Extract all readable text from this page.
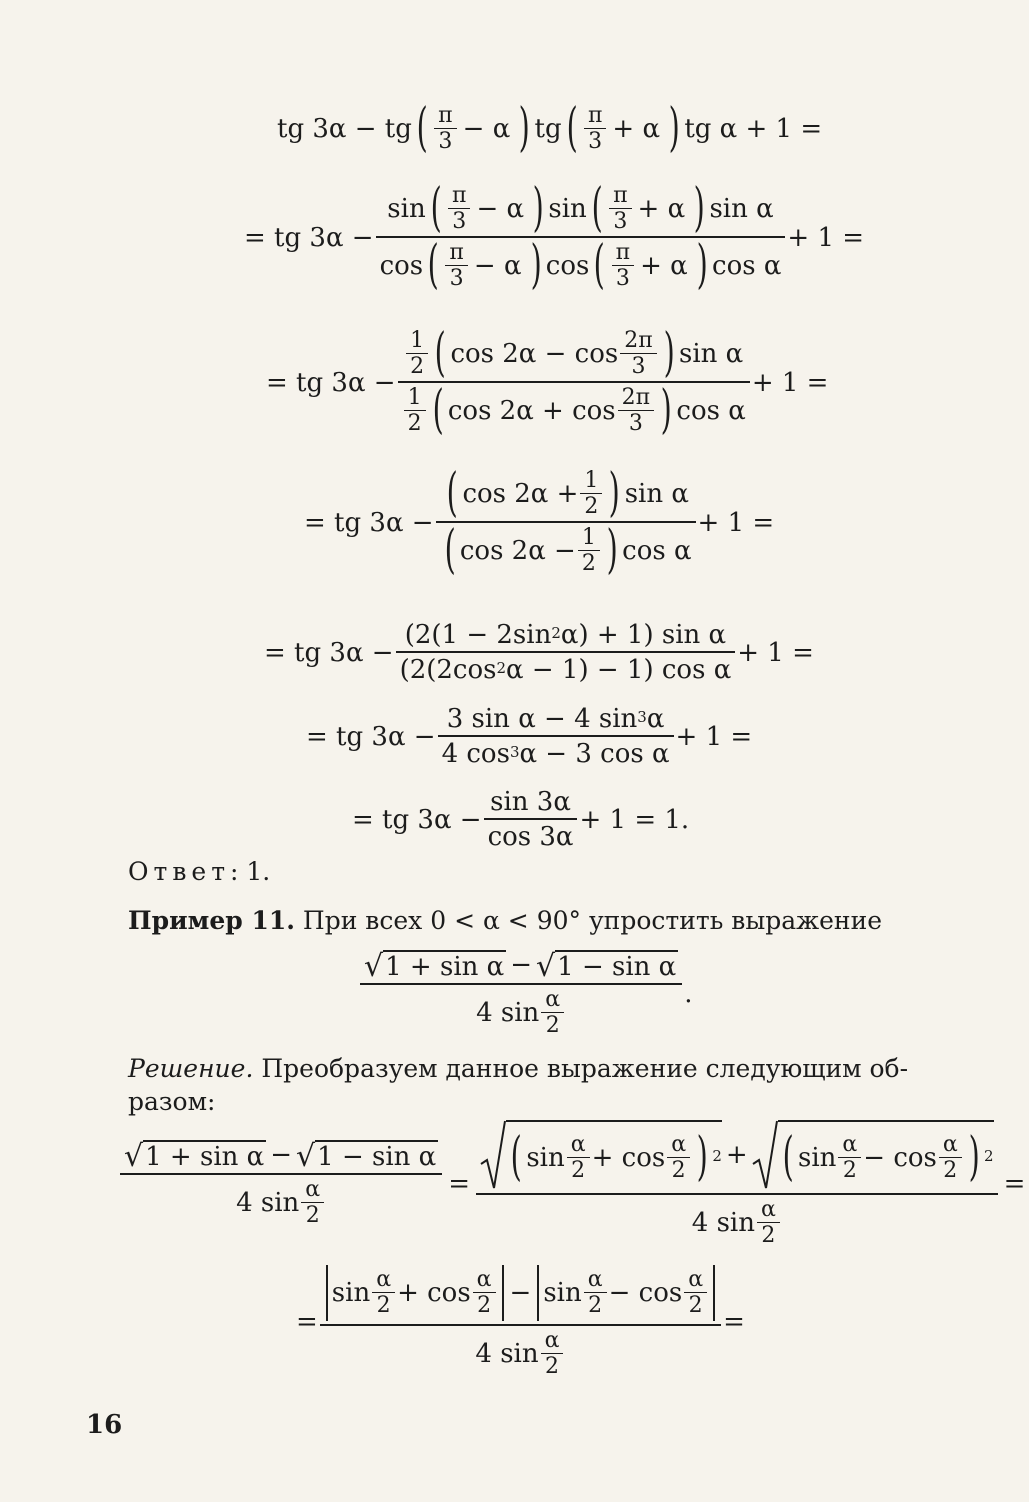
tg 3α − tg ( $\frac{\pi}{3} - \alpha$ ) tg ( $\frac{\pi}{3} + \alpha$ ) tg α + 1 =
= tg $3\alpha - \frac{\sin ( \frac{\pi}{3} - \alpha ) \sin ( \frac{\pi}{3} + \alpha ) \sin \alpha}{\cos ( \frac{\pi}{3} - \alpha ) \cos ( \frac{\pi}{3} + \alpha ) \cos \alpha} + 1$ =
= tg $3\alpha - \frac{\frac{1}{2} ( \cos 2\alpha - \cos \frac{2\pi}{3} ) \sin \alpha}{\frac{1}{2} ( \cos 2\alpha + \cos \frac{2\pi}{3} ) \cos \alpha} + 1$ =
= tg $3\alpha - \frac{( \cos 2\alpha + \frac{1}{2} ) \sin \alpha}{( \cos 2\alpha - \frac{1}{2} ) \cos \alpha} + 1$ =
= tg $3\alpha - \frac{(2(1 - 2\sin^2 \alpha) + 1) \sin \alpha}{(2(2\cos^2 \alpha - 1) - 1) \cos \alpha} + 1$ =
= tg $3\alpha - \frac{3 \sin \alpha - 4 \sin^3 \alpha}{4 \cos^3 \alpha - 3 \cos \alpha} + 1$ =
= tg $3\alpha - \frac{\sin 3\alpha}{\cos 3\alpha} + 1 = 1$.
Ответ: 1.
Пример 11. При всех 0 < α < 90° упростить выражение
$\frac{\text{√ 1 + sin α − √ 1 − sin α}}{4 \sin \frac{\alpha}{2}}$ .
Решение. Преобразуем данное выражение следующим об-
разом:
$\frac{\text{√ 1 + sin α − √ 1 − sin α}}{4 \sin \frac{\alpha}{2}}$ = ( $\sin \frac{\alpha}{2} + \cos \frac{\alpha}{2}$ ) $^2$ + ( $\sin \frac{\alpha}{2} - \cos \frac{\alpha}{2}$ ) $^2$
4 $\sin \frac{\alpha}{2}$
=
= $\frac{\sin \frac{\alpha}{2} + \cos \frac{\alpha}{2} - \sin \frac{\alpha}{2} - \cos \frac{\alpha}{2}}{4 \sin \frac{\alpha}{2}}$ =
16
